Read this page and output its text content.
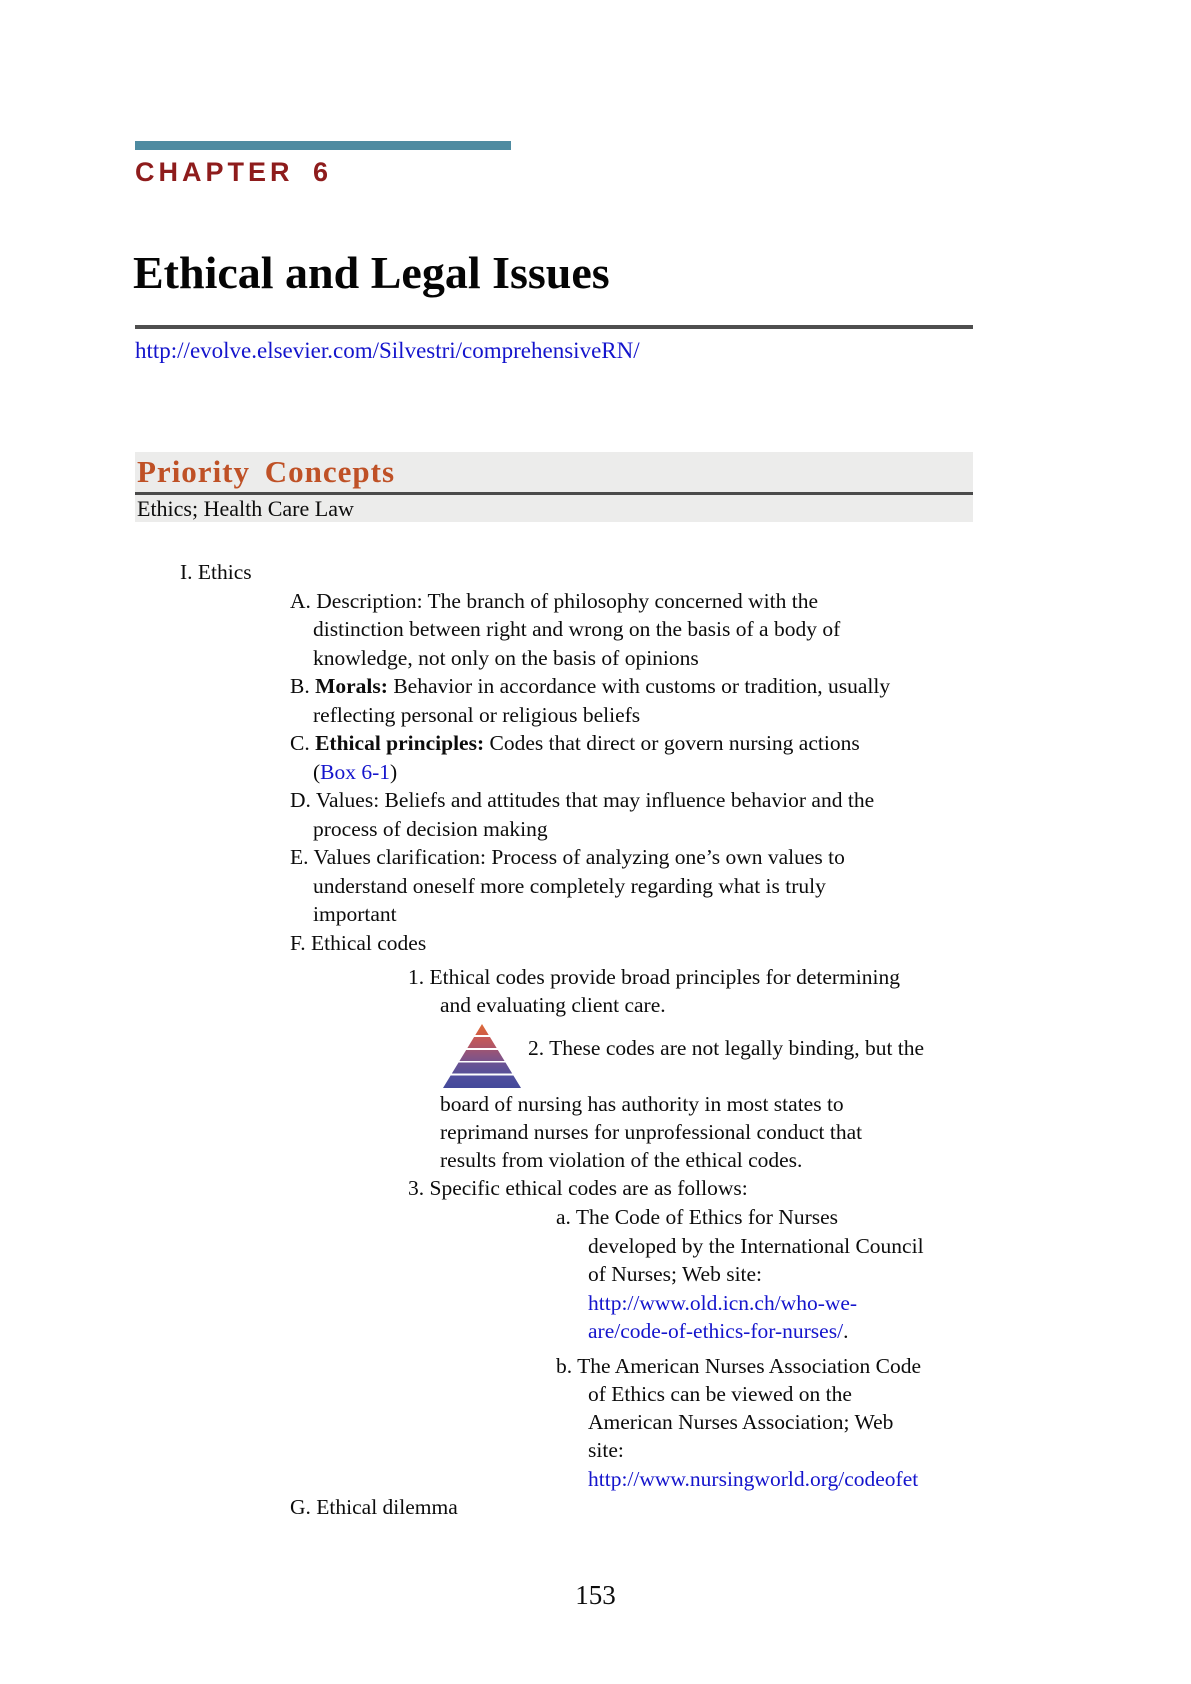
CHAPTER 6
Ethical and Legal Issues
http://evolve.elsevier.com/Silvestri/comprehensiveRN/
Priority Concepts
Ethics; Health Care Law
I. Ethics
A. Description: The branch of philosophy concerned with the
distinction between right and wrong on the basis of a body of
knowledge, not only on the basis of opinions
B. Morals: Behavior in accordance with customs or tradition, usually
reflecting personal or religious beliefs
C. Ethical principles: Codes that direct or govern nursing actions
(Box 6-1)
D. Values: Beliefs and attitudes that may influence behavior and the
process of decision making
E. Values clarification: Process of analyzing one’s own values to
understand oneself more completely regarding what is truly
important
F. Ethical codes
1. Ethical codes provide broad principles for determining
and evaluating client care.
2. These codes are not legally binding, but the
board of nursing has authority in most states to
reprimand nurses for unprofessional conduct that
results from violation of the ethical codes.
3. Specific ethical codes are as follows:
a. The Code of Ethics for Nurses
developed by the International Council
of Nurses; Web site:
http://www.old.icn.ch/who-we-
are/code-of-ethics-for-nurses/.
b. The American Nurses Association Code
of Ethics can be viewed on the
American Nurses Association; Web
site:
http://www.nursingworld.org/codeofet
G. Ethical dilemma
153
